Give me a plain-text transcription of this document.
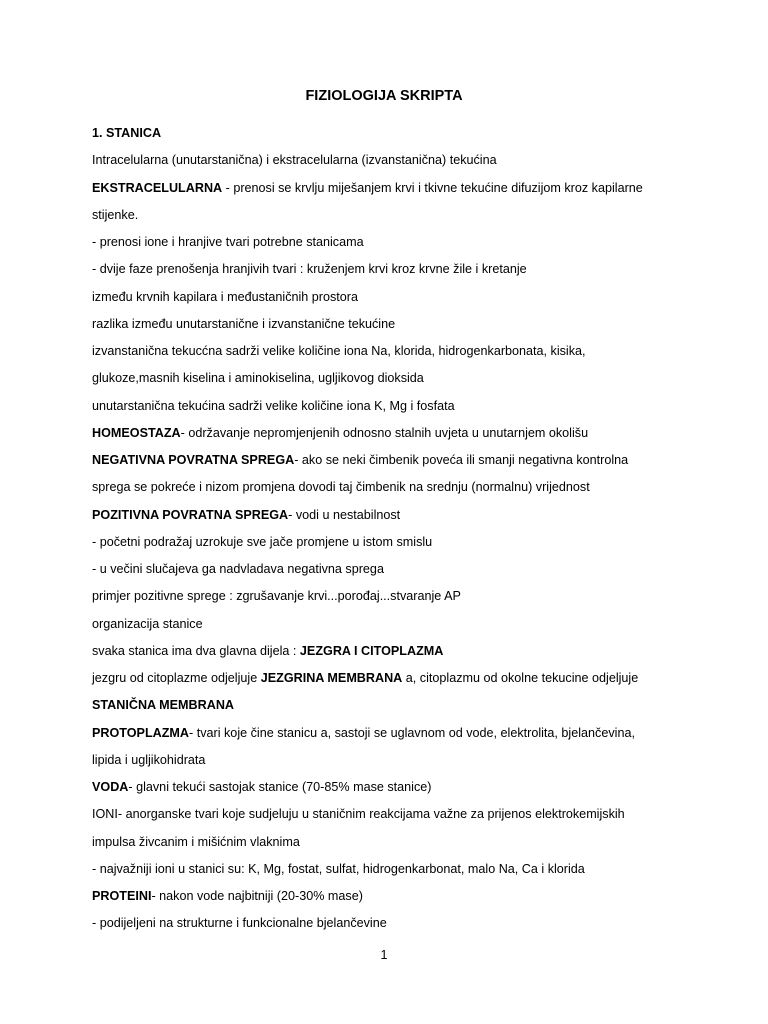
FIZIOLOGIJA SKRIPTA
1. STANICA
Intracelularna (unutarstanična) i ekstracelularna (izvanstanična) tekućina
EKSTRACELULARNA - prenosi se krvlju miješanjem krvi i tkivne tekućine difuzijom kroz kapilarne
stijenke.
- prenosi ione i hranjive tvari potrebne stanicama
- dvije faze prenošenja hranjivih tvari : kruženjem krvi kroz krvne žile i kretanje
između krvnih kapilara i međustaničnih prostora
razlika između unutarstanične i izvanstanične tekućine
izvanstanična tekucćna sadrži velike količine iona Na, klorida, hidrogenkarbonata, kisika,
glukoze,masnih kiselina i aminokiselina, ugljikovog dioksida
unutarstanična tekućina sadrži velike količine iona K, Mg i fosfata
HOMEOSTAZA- održavanje nepromjenjenih odnosno stalnih uvjeta u unutarnjem okolišu
NEGATIVNA POVRATNA SPREGA- ako se neki čimbenik poveća ili smanji negativna kontrolna
sprega se pokreće i nizom promjena dovodi taj čimbenik na srednju (normalnu) vrijednost
POZITIVNA POVRATNA SPREGA- vodi u nestabilnost
- početni podražaj uzrokuje sve jače promjene u istom smislu
- u večini slučajeva ga nadvladava negativna sprega
primjer pozitivne sprege : zgrušavanje krvi...porođaj...stvaranje AP
organizacija stanice
svaka stanica ima dva glavna dijela : JEZGRA I CITOPLAZMA
jezgru od citoplazme odjeljuje JEZGRINA MEMBRANA a, citoplazmu od okolne tekucine odjeljuje
STANIČNA MEMBRANA
PROTOPLAZMA- tvari koje čine stanicu a, sastoji se uglavnom od vode, elektrolita, bjelančevina,
lipida i ugljikohidrata
VODA- glavni tekući sastojak stanice (70-85% mase stanice)
IONI- anorganske tvari koje sudjeluju u staničnim reakcijama važne za prijenos elektrokemijskih
impulsa živcanim i mišićnim vlaknima
- najvažniji ioni u stanici su: K, Mg, fostat, sulfat, hidrogenkarbonat, malo Na, Ca i klorida
PROTEINI- nakon vode najbitniji (20-30% mase)
- podijeljeni na strukturne i funkcionalne bjelančevine
1
